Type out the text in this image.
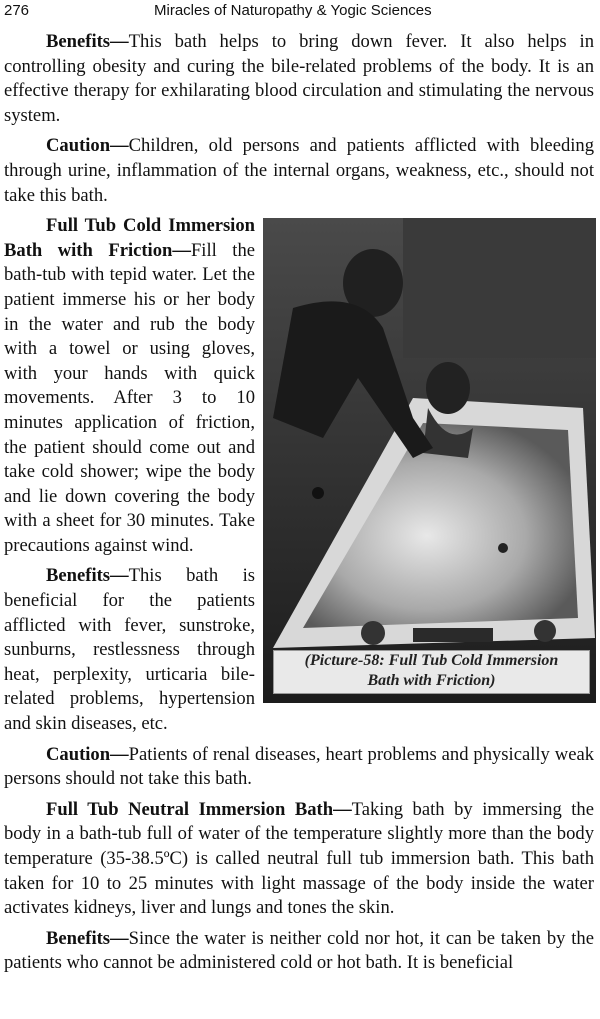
276	Miracles of Naturopathy & Yogic Sciences

Benefits—This bath helps to bring down fever. It also helps in controlling obesity and curing the bile-related problems of the body. It is an effective therapy for exhilarating blood circulation and stimulating the nervous system.

Caution—Children, old persons and patients afflicted with bleeding through urine, inflammation of the internal organs, weakness, etc., should not take this bath.

(Picture-58: Full Tub Cold Immersion
Bath with Friction)

Full Tub Cold Immersion Bath with Friction—Fill the bath-tub with tepid water. Let the patient immerse his or her body in the water and rub the body with a towel or using gloves, with your hands with quick movements. After 3 to 10 minutes application of friction, the patient should come out and take cold shower; wipe the body and lie down covering the body with a sheet for 30 minutes. Take precautions against wind.

Benefits—This bath is beneficial for the patients afflicted with fever, sunstroke, sunburns, restlessness through heat, perplexity, urticaria bile-related problems, hypertension and skin diseases, etc.

Caution—Patients of renal diseases, heart problems and physically weak persons should not take this bath.

Full Tub Neutral Immersion Bath—Taking bath by immersing the body in a bath-tub full of water of the temperature slightly more than the body temperature (35-38.5ºC) is called neutral full tub immersion bath. This bath taken for 10 to 25 minutes with light massage of the body inside the water activates kidneys, liver and lungs and tones the skin.

Benefits—Since the water is neither cold nor hot, it can be taken by the patients who cannot be administered cold or hot bath. It is beneficial
